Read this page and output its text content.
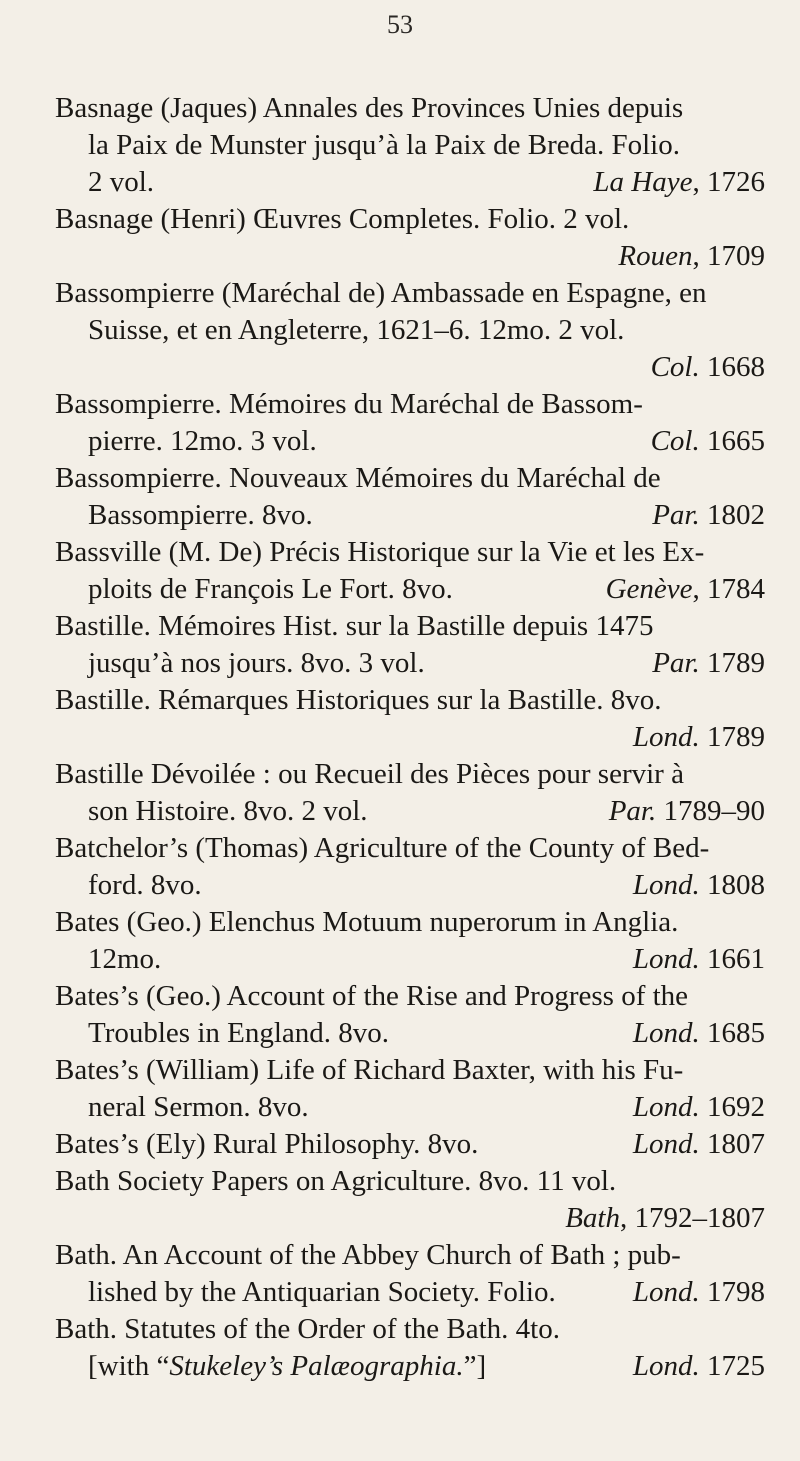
53
Basnage (Jaques) Annales des Provinces Unies depuis
la Paix de Munster jusqu’à la Paix de Breda. Folio.
La Haye, 1726
2 vol.
Basnage (Henri) Œuvres Completes. Folio. 2 vol.
Rouen, 1709
Bassompierre (Maréchal de) Ambassade en Espagne, en
Suisse, et en Angleterre, 1621–6. 12mo. 2 vol.
Col. 1668
Bassompierre. Mémoires du Maréchal de Bassom-
Col. 1665
pierre. 12mo. 3 vol.
Bassompierre. Nouveaux Mémoires du Maréchal de
Par. 1802
Bassompierre. 8vo.
Bassville (M. De) Précis Historique sur la Vie et les Ex-
Genève, 1784
ploits de François Le Fort. 8vo.
Bastille. Mémoires Hist. sur la Bastille depuis 1475
Par. 1789
jusqu’à nos jours. 8vo. 3 vol.
Bastille. Rémarques Historiques sur la Bastille. 8vo.
Lond. 1789
Bastille Dévoilée : ou Recueil des Pièces pour servir à
Par. 1789–90
son Histoire. 8vo. 2 vol.
Batchelor’s (Thomas) Agriculture of the County of Bed-
Lond. 1808
ford. 8vo.
Bates (Geo.) Elenchus Motuum nuperorum in Anglia.
Lond. 1661
12mo.
Bates’s (Geo.) Account of the Rise and Progress of the
Lond. 1685
Troubles in England. 8vo.
Bates’s (William) Life of Richard Baxter, with his Fu-
Lond. 1692
neral Sermon. 8vo.
Lond. 1807
Bates’s (Ely) Rural Philosophy. 8vo.
Bath Society Papers on Agriculture. 8vo. 11 vol.
Bath, 1792–1807
Bath. An Account of the Abbey Church of Bath ; pub-
Lond. 1798
lished by the Antiquarian Society. Folio.
Bath. Statutes of the Order of the Bath. 4to.
Lond. 1725
[with “Stukeley’s Palæographia.”]
